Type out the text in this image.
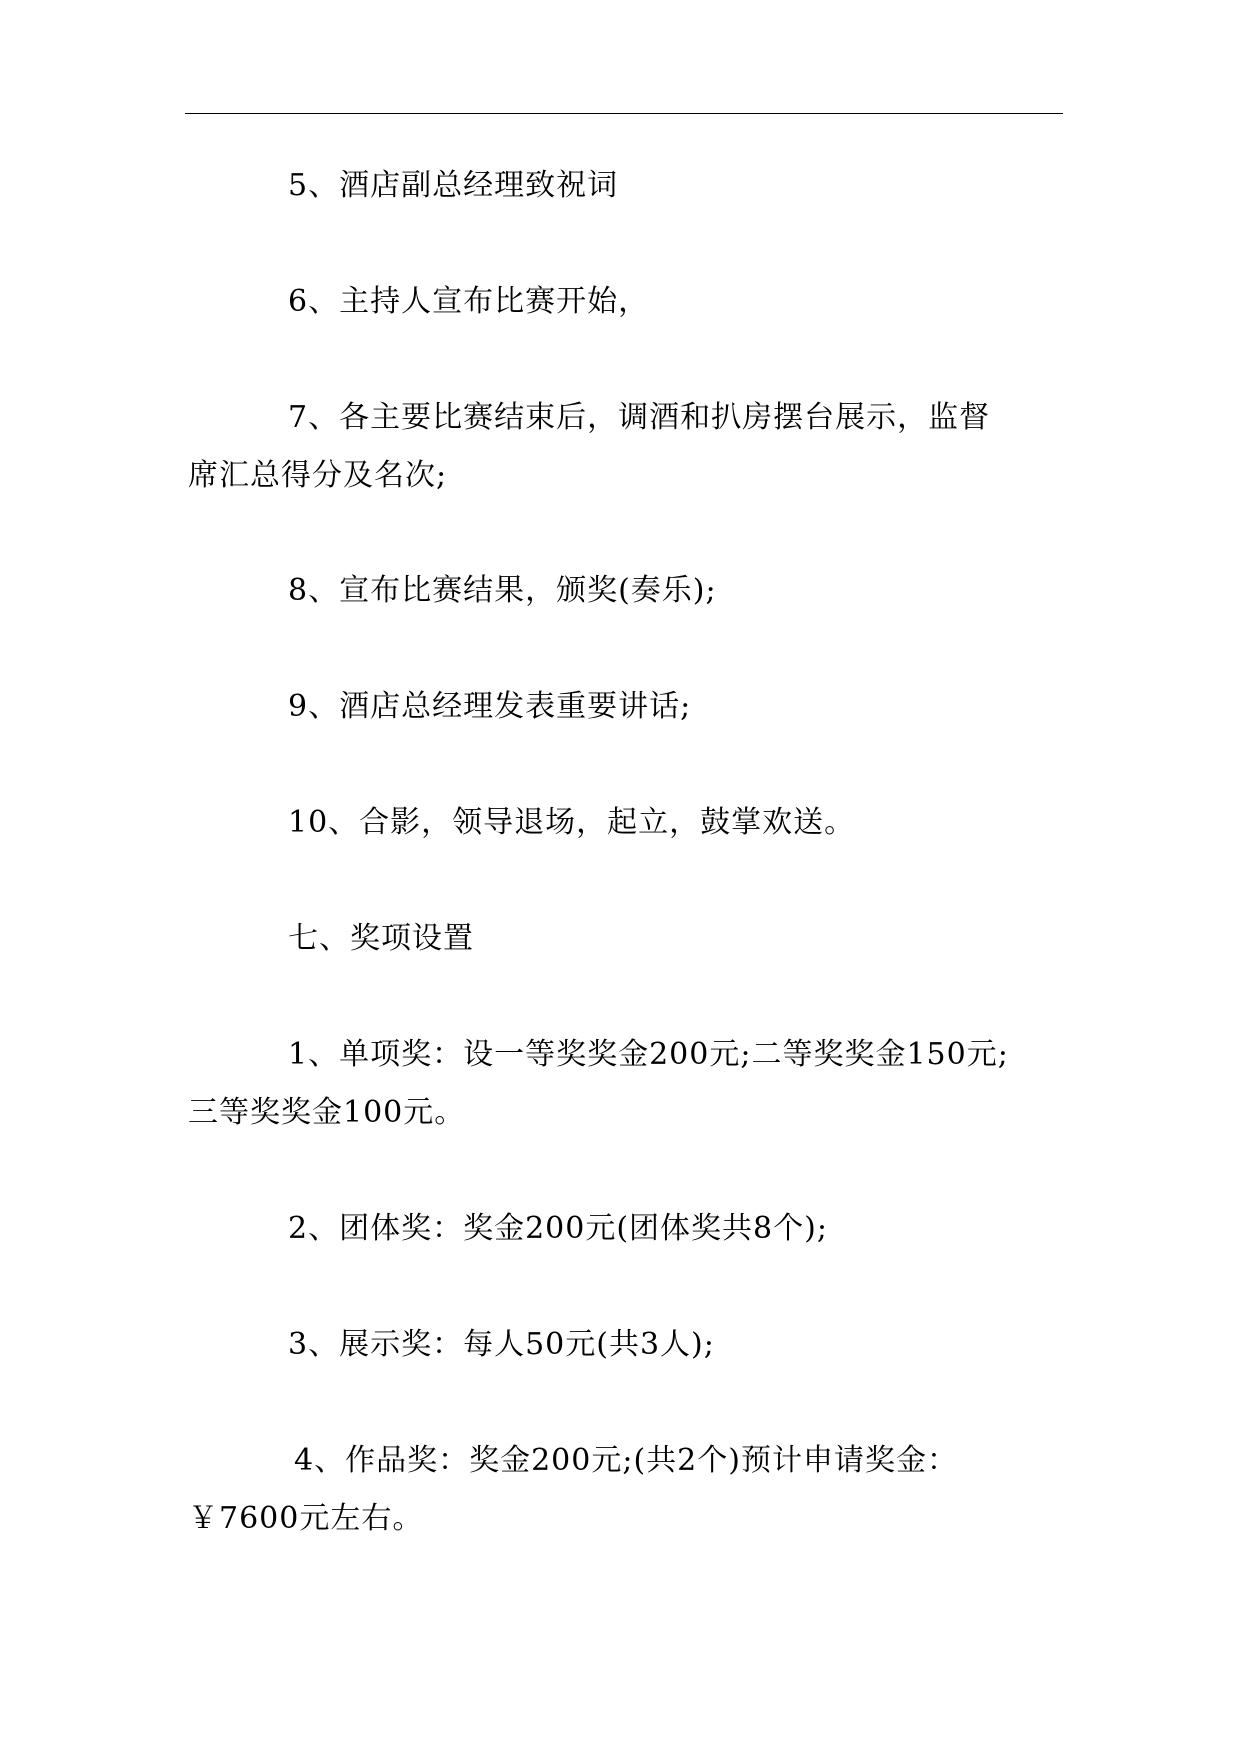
5、酒店副总经理致祝词
6、主持人宣布比赛开始，
7、各主要比赛结束后，调酒和扒房摆台展示，监督
席汇总得分及名次;
8、宣布比赛结果，颁奖(奏乐);
9、酒店总经理发表重要讲话;
10、合影，领导退场，起立，鼓掌欢送。
七、奖项设置
1、单项奖：设一等奖奖金200元;二等奖奖金150元;
三等奖奖金100元。
2、团体奖：奖金200元(团体奖共8个);
3、展示奖：每人50元(共3人);
4、作品奖：奖金200元;(共2个)预计申请奖金：
￥7600元左右。
